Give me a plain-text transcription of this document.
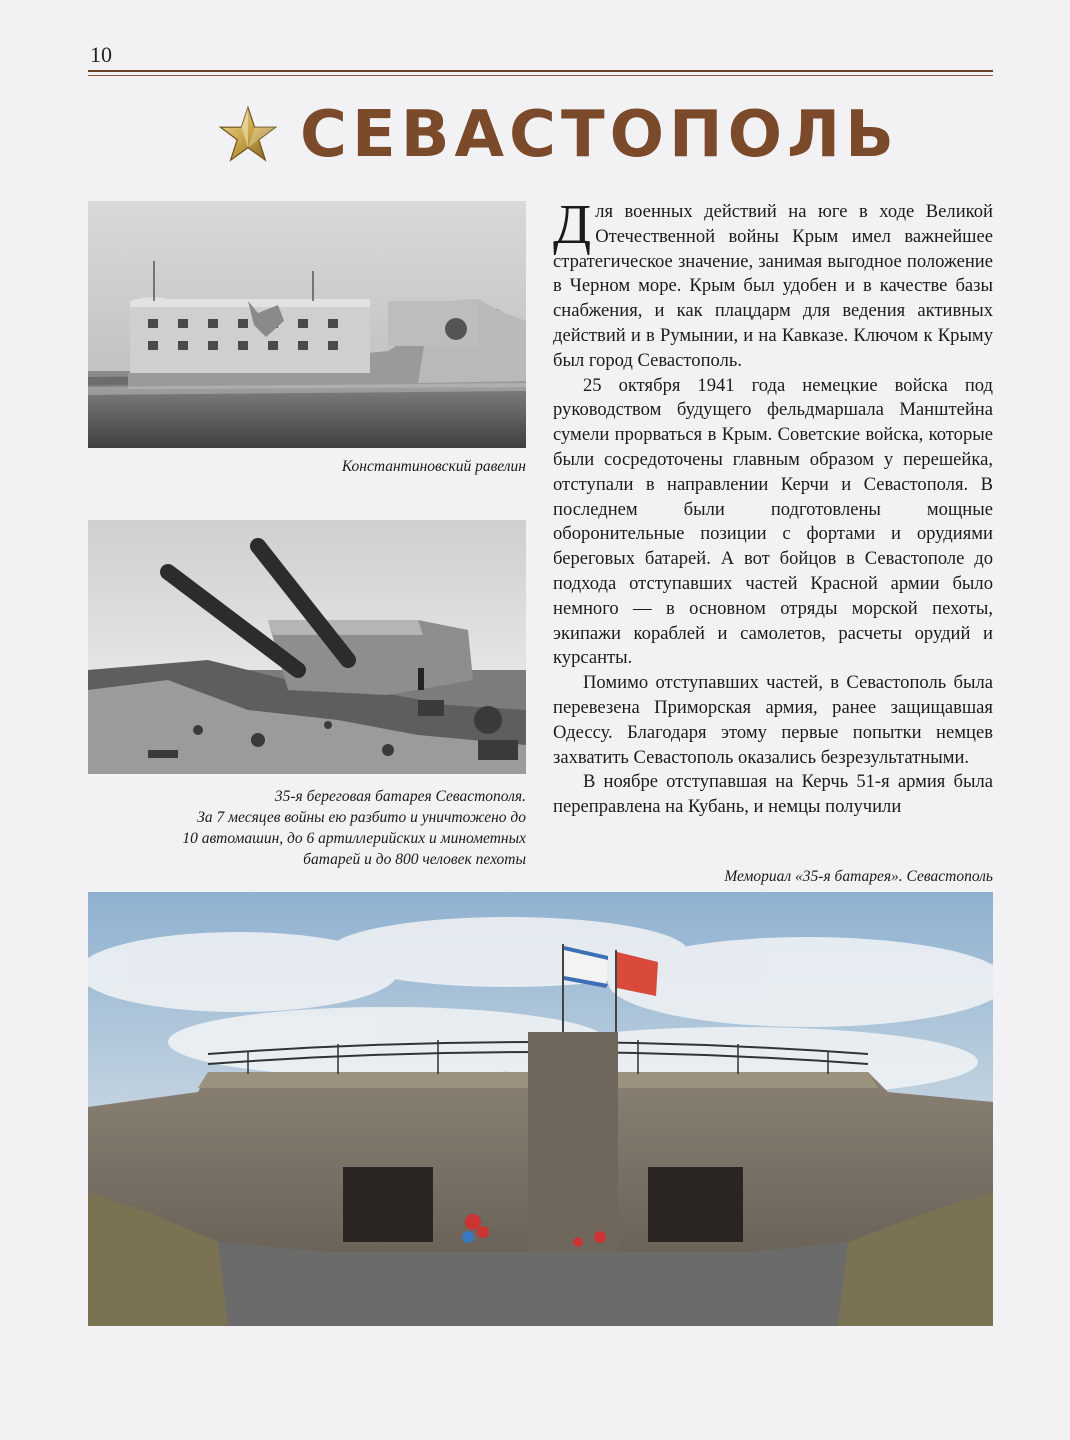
10
СЕВАСТОПОЛЬ
Константиновский равелин
35-я береговая батарея Севастополя.
За 7 месяцев войны ею разбито и уничтожено до
10 автомашин, до 6 артиллерийских и минометных
батарей и до 800 человек пехоты

Для военных действий на юге в ходе Великой Отечественной войны Крым имел важнейшее стратегическое значение, занимая выгодное положение в Черном море. Крым был удобен и в качестве базы снабжения, и как плацдарм для ведения активных действий и в Румынии, и на Кавказе. Ключом к Крыму был город Севастополь.

25 октября 1941 года немецкие войска под руководством будущего фельдмаршала Манштейна сумели прорваться в Крым. Советские войска, которые были сосредоточены главным образом у перешейка, отступали в направлении Керчи и Севастополя. В последнем были подготовлены мощные оборонительные позиции с фортами и орудиями береговых батарей. А вот бойцов в Севастополе до подхода отступавших частей Красной армии было немного — в основном отряды морской пехоты, экипажи кораблей и самолетов, расчеты орудий и курсанты.

Помимо отступавших частей, в Севастополь была перевезена Приморская армия, ранее защищавшая Одессу. Благодаря этому первые попытки немцев захватить Севастополь оказались безрезультатными.

В ноябре отступавшая на Керчь 51-я армия была переправлена на Кубань, и немцы получили

Мемориал «35-я батарея». Севастополь
